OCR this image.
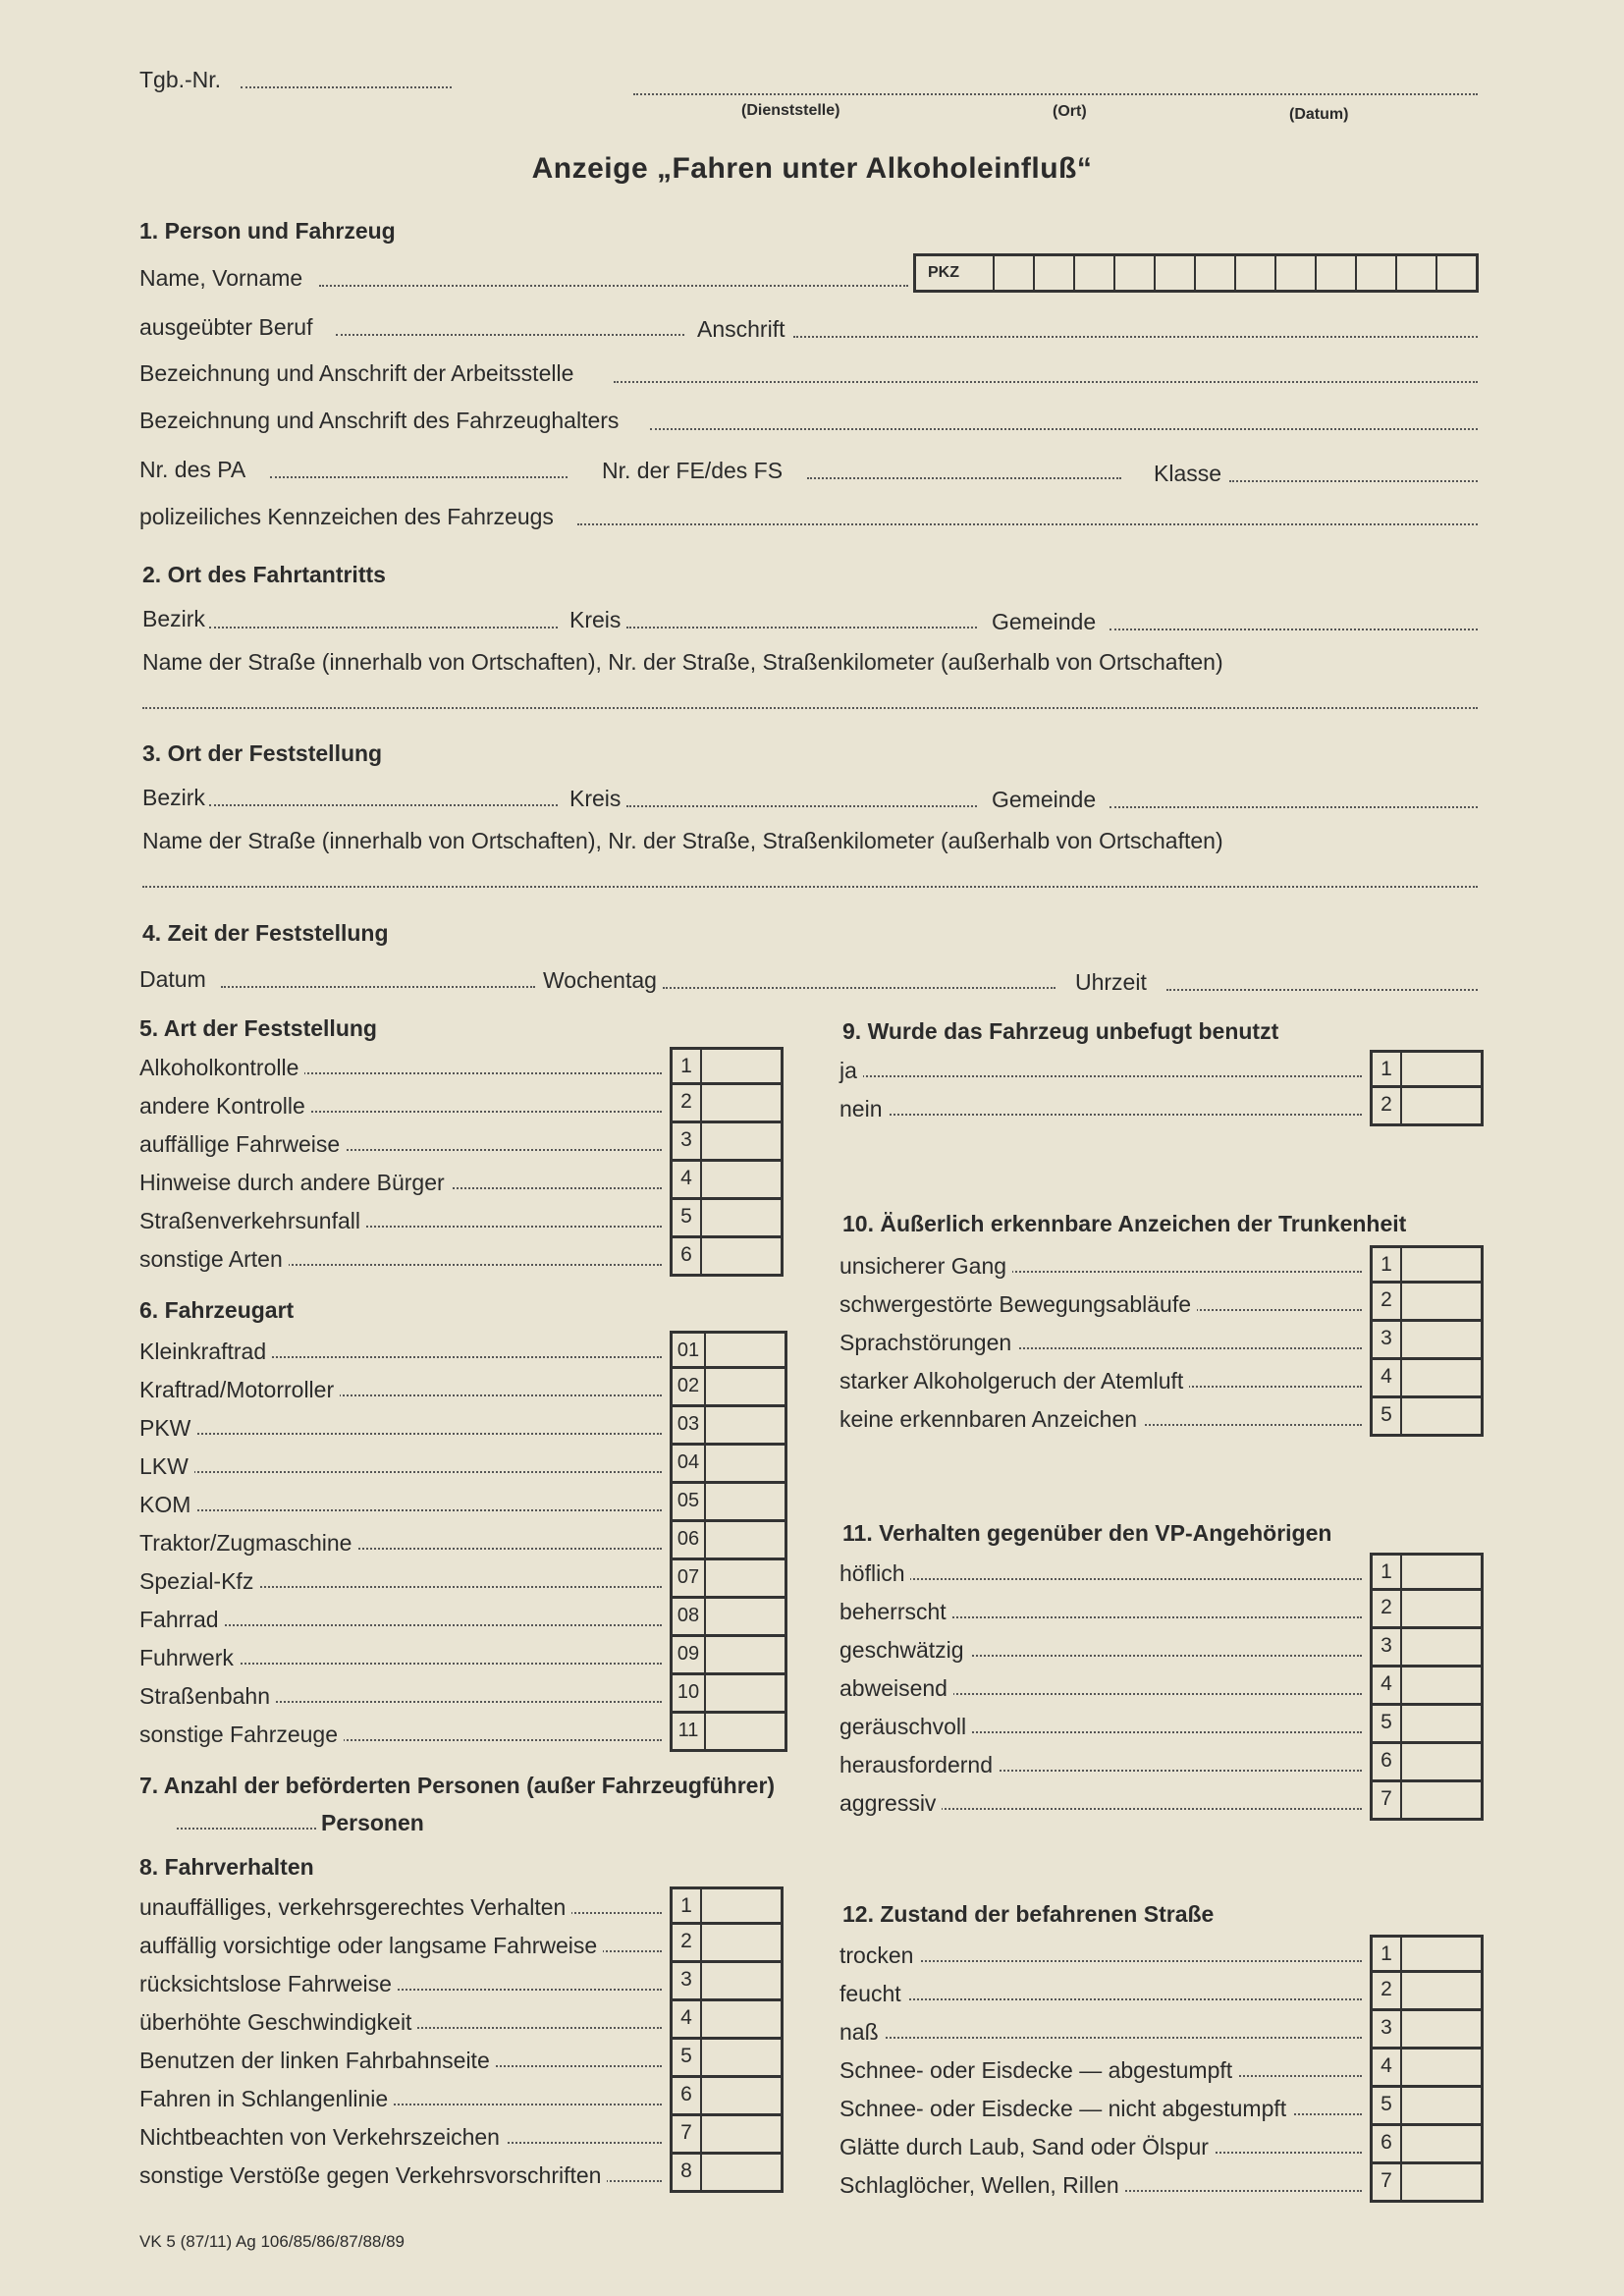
Tgb.-Nr.
(Dienststelle)	(Ort)	(Datum)
Anzeige „Fahren unter Alkoholeinfluß“
1. Person und Fahrzeug
Name, Vorname	PKZ
ausgeübter Beruf	Anschrift
Bezeichnung und Anschrift der Arbeitsstelle
Bezeichnung und Anschrift des Fahrzeughalters
Nr. des PA	Nr. der FE/des FS	Klasse
polizeiliches Kennzeichen des Fahrzeugs
2. Ort des Fahrtantritts
Bezirk	Kreis	Gemeinde
Name der Straße (innerhalb von Ortschaften), Nr. der Straße, Straßenkilometer (außerhalb von Ortschaften)
3. Ort der Feststellung
Bezirk	Kreis	Gemeinde
Name der Straße (innerhalb von Ortschaften), Nr. der Straße, Straßenkilometer (außerhalb von Ortschaften)
4. Zeit der Feststellung
Datum	Wochentag	Uhrzeit
5. Art der Feststellung
Alkoholkontrolle	1
andere Kontrolle	2
auffällige Fahrweise	3
Hinweise durch andere Bürger	4
Straßenverkehrsunfall	5
sonstige Arten	6
6. Fahrzeugart
Kleinkraftrad	01
Kraftrad/Motorroller	02
PKW	03
LKW	04
KOM	05
Traktor/Zugmaschine	06
Spezial-Kfz	07
Fahrrad	08
Fuhrwerk	09
Straßenbahn	10
sonstige Fahrzeuge	11
7. Anzahl der beförderten Personen (außer Fahrzeugführer)
Personen
8. Fahrverhalten
unauffälliges, verkehrsgerechtes Verhalten	1
auffällig vorsichtige oder langsame Fahrweise	2
rücksichtslose Fahrweise	3
überhöhte Geschwindigkeit	4
Benutzen der linken Fahrbahnseite	5
Fahren in Schlangenlinie	6
Nichtbeachten von Verkehrszeichen	7
sonstige Verstöße gegen Verkehrsvorschriften	8
9. Wurde das Fahrzeug unbefugt benutzt
ja	1
nein	2
10. Äußerlich erkennbare Anzeichen der Trunkenheit
unsicherer Gang	1
schwergestörte Bewegungsabläufe	2
Sprachstörungen	3
starker Alkoholgeruch der Atemluft	4
keine erkennbaren Anzeichen	5
11. Verhalten gegenüber den VP-Angehörigen
höflich	1
beherrscht	2
geschwätzig	3
abweisend	4
geräuschvoll	5
herausfordernd	6
aggressiv	7
12. Zustand der befahrenen Straße
trocken	1
feucht	2
naß	3
Schnee- oder Eisdecke — abgestumpft	4
Schnee- oder Eisdecke — nicht abgestumpft	5
Glätte durch Laub, Sand oder Ölspur	6
Schlaglöcher, Wellen, Rillen	7
VK 5 (87/11) Ag 106/85/86/87/88/89
